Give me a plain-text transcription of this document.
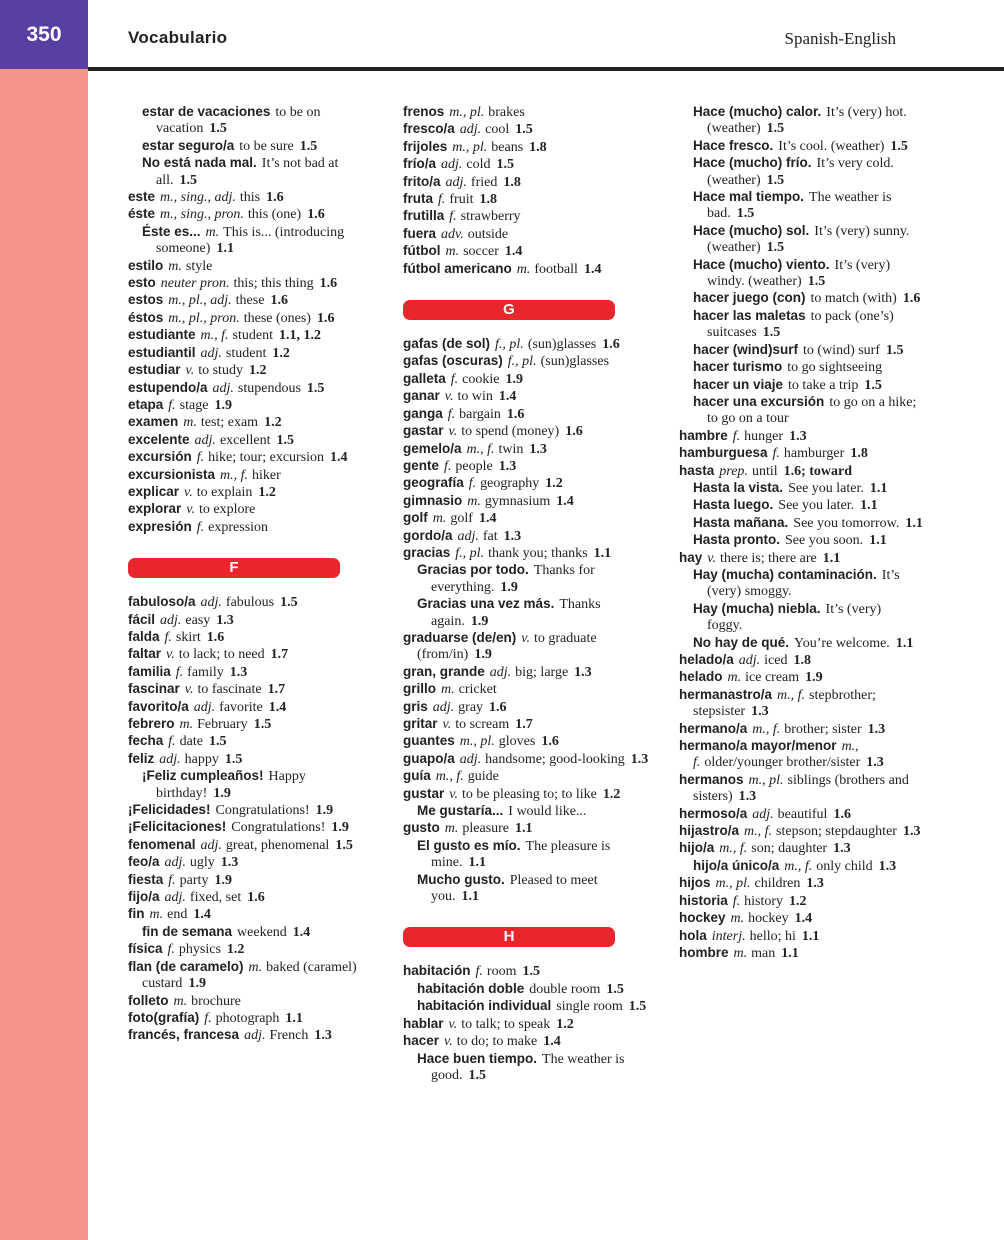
350	Vocabulario	Spanish-English
estar de vacaciones to be on vacation 1.5
estar seguro/a to be sure 1.5
No está nada mal. It’s not bad at all. 1.5
este m., sing., adj. this 1.6
éste m., sing., pron. this (one) 1.6
Éste es... m. This is... (introducing someone) 1.1
estilo m. style
esto neuter pron. this; this thing 1.6
estos m., pl., adj. these 1.6
éstos m., pl., pron. these (ones) 1.6
estudiante m., f. student 1.1, 1.2
estudiantil adj. student 1.2
estudiar v. to study 1.2
estupendo/a adj. stupendous 1.5
etapa f. stage 1.9
examen m. test; exam 1.2
excelente adj. excellent 1.5
excursión f. hike; tour; excursion 1.4
excursionista m., f. hiker
explicar v. to explain 1.2
explorar v. to explore
expresión f. expression
F
fabuloso/a adj. fabulous 1.5
fácil adj. easy 1.3
falda f. skirt 1.6
faltar v. to lack; to need 1.7
familia f. family 1.3
fascinar v. to fascinate 1.7
favorito/a adj. favorite 1.4
febrero m. February 1.5
fecha f. date 1.5
feliz adj. happy 1.5
¡Feliz cumpleaños! Happy birthday! 1.9
¡Felicidades! Congratulations! 1.9
¡Felicitaciones! Congratulations! 1.9
fenomenal adj. great, phenomenal 1.5
feo/a adj. ugly 1.3
fiesta f. party 1.9
fijo/a adj. fixed, set 1.6
fin m. end 1.4
fin de semana weekend 1.4
física f. physics 1.2
flan (de caramelo) m. baked (caramel) custard 1.9
folleto m. brochure
foto(grafía) f. photograph 1.1
francés, francesa adj. French 1.3
frenos m., pl. brakes
fresco/a adj. cool 1.5
frijoles m., pl. beans 1.8
frío/a adj. cold 1.5
frito/a adj. fried 1.8
fruta f. fruit 1.8
frutilla f. strawberry
fuera adv. outside
fútbol m. soccer 1.4
fútbol americano m. football 1.4
G
gafas (de sol) f., pl. (sun)glasses 1.6
gafas (oscuras) f., pl. (sun)glasses
galleta f. cookie 1.9
ganar v. to win 1.4
ganga f. bargain 1.6
gastar v. to spend (money) 1.6
gemelo/a m., f. twin 1.3
gente f. people 1.3
geografía f. geography 1.2
gimnasio m. gymnasium 1.4
golf m. golf 1.4
gordo/a adj. fat 1.3
gracias f., pl. thank you; thanks 1.1
Gracias por todo. Thanks for everything. 1.9
Gracias una vez más. Thanks again. 1.9
graduarse (de/en) v. to graduate (from/in) 1.9
gran, grande adj. big; large 1.3
grillo m. cricket
gris adj. gray 1.6
gritar v. to scream 1.7
guantes m., pl. gloves 1.6
guapo/a adj. handsome; good-looking 1.3
guía m., f. guide
gustar v. to be pleasing to; to like 1.2
Me gustaría... I would like...
gusto m. pleasure 1.1
El gusto es mío. The pleasure is mine. 1.1
Mucho gusto. Pleased to meet you. 1.1
H
habitación f. room 1.5
habitación doble double room 1.5
habitación individual single room 1.5
hablar v. to talk; to speak 1.2
hacer v. to do; to make 1.4
Hace buen tiempo. The weather is good. 1.5
Hace (mucho) calor. It’s (very) hot. (weather) 1.5
Hace fresco. It’s cool. (weather) 1.5
Hace (mucho) frío. It’s very cold. (weather) 1.5
Hace mal tiempo. The weather is bad. 1.5
Hace (mucho) sol. It’s (very) sunny. (weather) 1.5
Hace (mucho) viento. It’s (very) windy. (weather) 1.5
hacer juego (con) to match (with) 1.6
hacer las maletas to pack (one’s) suitcases 1.5
hacer (wind)surf to (wind) surf 1.5
hacer turismo to go sightseeing
hacer un viaje to take a trip 1.5
hacer una excursión to go on a hike; to go on a tour
hambre f. hunger 1.3
hamburguesa f. hamburger 1.8
hasta prep. until 1.6; toward
Hasta la vista. See you later. 1.1
Hasta luego. See you later. 1.1
Hasta mañana. See you tomorrow. 1.1
Hasta pronto. See you soon. 1.1
hay v. there is; there are 1.1
Hay (mucha) contaminación. It’s (very) smoggy.
Hay (mucha) niebla. It’s (very) foggy.
No hay de qué. You’re welcome. 1.1
helado/a adj. iced 1.8
helado m. ice cream 1.9
hermanastro/a m., f. stepbrother; stepsister 1.3
hermano/a m., f. brother; sister 1.3
hermano/a mayor/menor m., f. older/younger brother/sister 1.3
hermanos m., pl. siblings (brothers and sisters) 1.3
hermoso/a adj. beautiful 1.6
hijastro/a m., f. stepson; stepdaughter 1.3
hijo/a m., f. son; daughter 1.3
hijo/a único/a m., f. only child 1.3
hijos m., pl. children 1.3
historia f. history 1.2
hockey m. hockey 1.4
hola interj. hello; hi 1.1
hombre m. man 1.1
